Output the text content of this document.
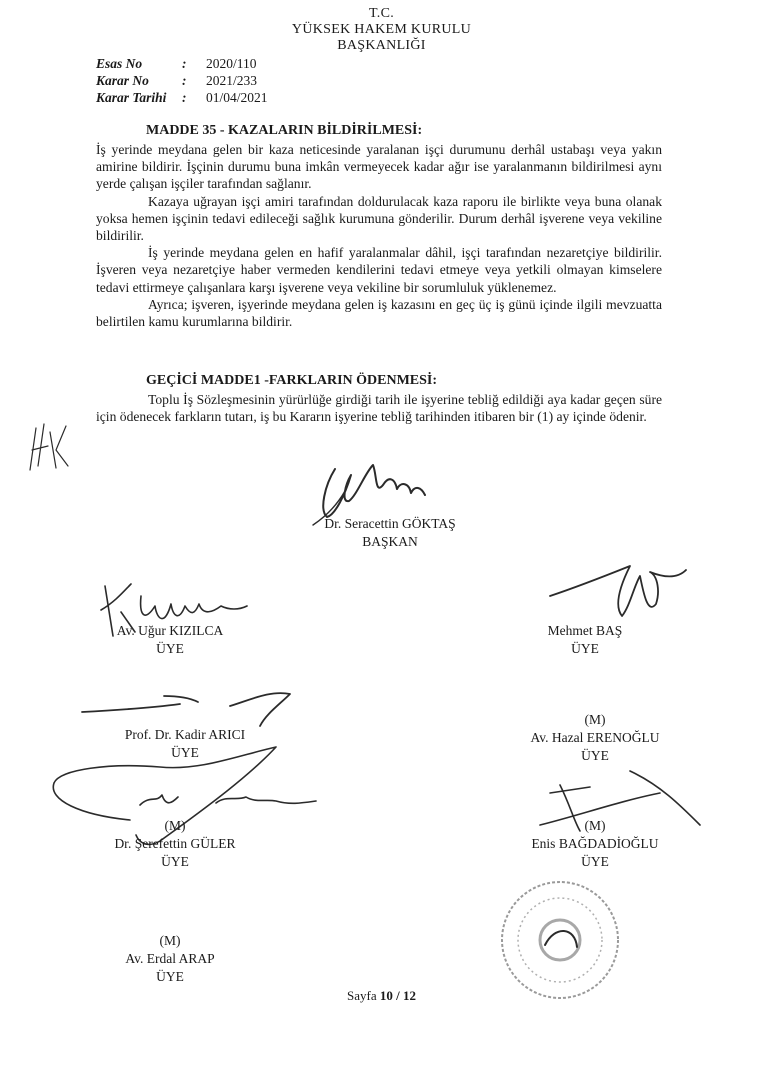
T.C.
YÜKSEK HAKEM KURULU
BAŞKANLIĞI
Esas No	: 2020/110
Karar No : 2021/233
Karar Tarihi : 01/04/2021
MADDE 35 - KAZALARIN BİLDİRİLMESİ:

İş yerinde meydana gelen bir kaza neticesinde yaralanan işçi durumunu derhâl ustabaşı veya yakın amirine bildirir. İşçinin durumu buna imkân vermeyecek kadar ağır ise yaralanmanın bildirilmesi aynı yerde çalışan işçiler tarafından sağlanır.

Kazaya uğrayan işçi amiri tarafından doldurulacak kaza raporu ile birlikte veya buna olanak yoksa hemen işçinin tedavi edileceği sağlık kurumuna gönderilir. Durum derhâl işverene veya vekiline bildirilir.

İş yerinde meydana gelen en hafif yaralanmalar dâhil, işçi tarafından nezaretçiye bildirilir. İşveren veya nezaretçiye haber vermeden kendilerini tedavi etmeye veya yetkili olmayan kimselere tedavi ettirmeye çalışanlara karşı işverene veya vekiline bir sorumluluk yüklenemez.

Ayrıca; işveren, işyerinde meydana gelen iş kazasını en geç üç iş günü içinde ilgili mevzuatta belirtilen kamu kurumlarına bildirir.

GEÇİCİ MADDE1 -FARKLARIN ÖDENMESİ:

Toplu İş Sözleşmesinin yürürlüğe girdiği tarih ile işyerine tebliğ edildiği aya kadar geçen süre için ödenecek farkların tutarı, iş bu Kararın işyerine tebliğ tarihinden itibaren bir (1) ay içinde ödenir.

Dr. Seracettin GÖKTAŞ
BAŞKAN
Av. Uğur KIZILCA
ÜYE
Mehmet BAŞ
ÜYE
Prof. Dr. Kadir ARICI
ÜYE
(M)
Av. Hazal ERENOĞLU
ÜYE
(M)
Dr. Şerefettin GÜLER
ÜYE
(M)
Enis BAĞDADİOĞLU
ÜYE
(M)
Av. Erdal ARAP
ÜYE
Sayfa 10 / 12
